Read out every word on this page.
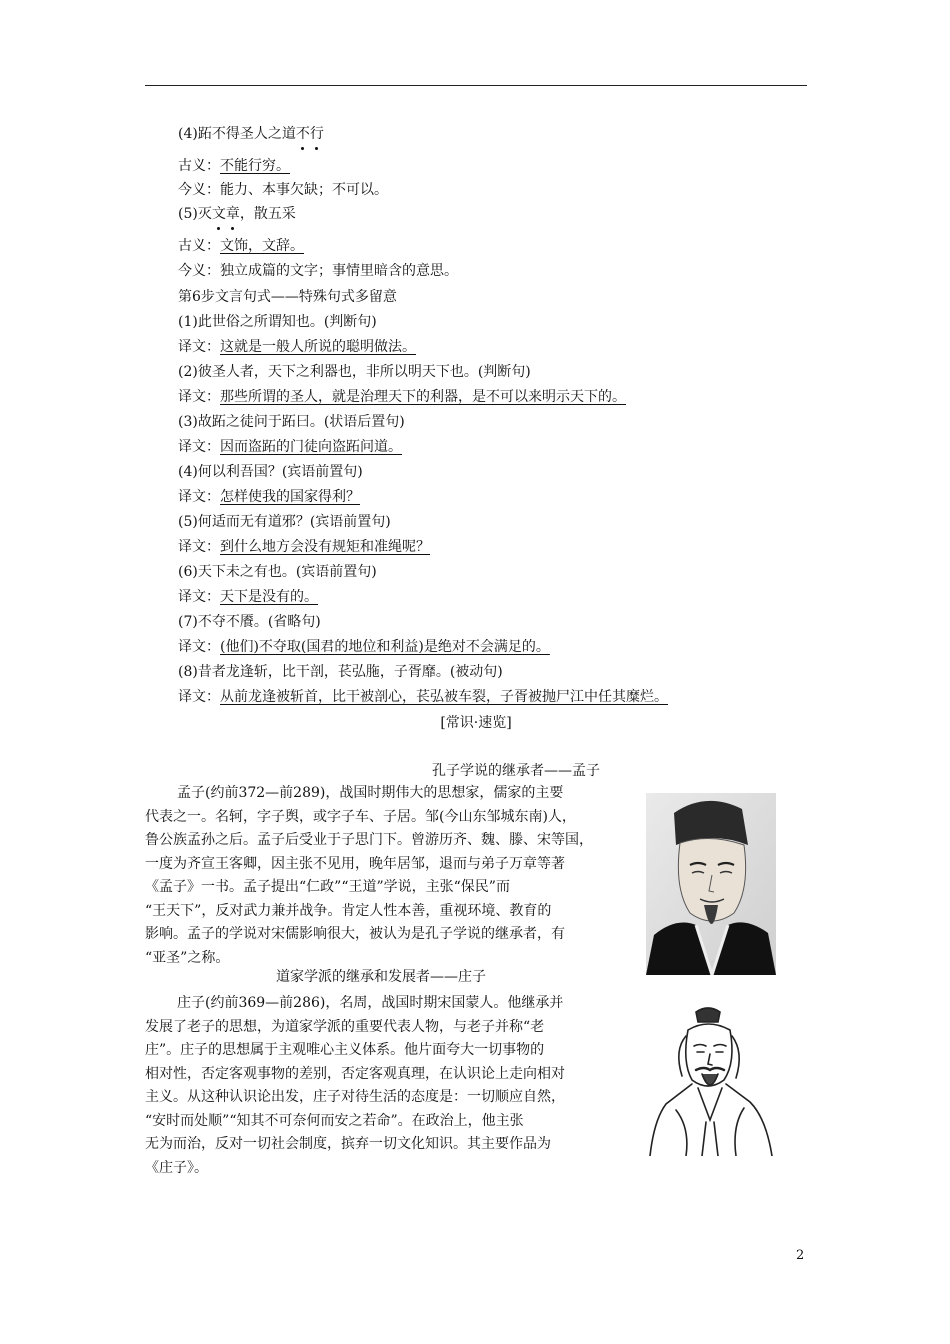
(4)跖不得圣人之道不行
古义：不能行穷。
今义：能力、本事欠缺；不可以。
(5)灭文章，散五采
古义：文饰，文辞。
今义：独立成篇的文字；事情里暗含的意思。
第6步文言句式——特殊句式多留意
(1)此世俗之所谓知也。(判断句)
译文：这就是一般人所说的聪明做法。
(2)彼圣人者，天下之利器也，非所以明天下也。(判断句)
译文：那些所谓的圣人，就是治理天下的利器，是不可以来明示天下的。
(3)故跖之徒问于跖曰。(状语后置句)
译文：因而盗跖的门徒向盗跖问道。
(4)何以利吾国？(宾语前置句)
译文：怎样使我的国家得利？
(5)何适而无有道邪？(宾语前置句)
译文：到什么地方会没有规矩和准绳呢？
(6)天下未之有也。(宾语前置句)
译文：天下是没有的。
(7)不夺不餍。(省略句)
译文：(他们)不夺取(国君的地位和利益)是绝对不会满足的。
(8)昔者龙逢斩，比干剖，苌弘胣，子胥靡。(被动句)
译文：从前龙逢被斩首，比干被剖心，苌弘被车裂，子胥被抛尸江中任其糜烂。
[常识·速览]
孔子学说的继承者——孟子
孟子(约前372—前289)，战国时期伟大的思想家，儒家的主要
代表之一。名轲，字子舆，或字子车、子居。邹(今山东邹城东南)人，
鲁公族孟孙之后。孟子后受业于子思门下。曾游历齐、魏、滕、宋等国，
一度为齐宣王客卿，因主张不见用，晚年居邹，退而与弟子万章等著
《孟子》一书。孟子提出“仁政”“王道”学说，主张“保民”而
“王天下”，反对武力兼并战争。肯定人性本善，重视环境、教育的
影响。孟子的学说对宋儒影响很大，被认为是孔子学说的继承者，有
“亚圣”之称。
道家学派的继承和发展者——庄子
庄子(约前369—前286)，名周，战国时期宋国蒙人。他继承并
发展了老子的思想，为道家学派的重要代表人物，与老子并称“老
庄”。庄子的思想属于主观唯心主义体系。他片面夸大一切事物的
相对性，否定客观事物的差别，否定客观真理，在认识论上走向相对
主义。从这种认识论出发，庄子对待生活的态度是：一切顺应自然，
“安时而处顺”“知其不可奈何而安之若命”。在政治上，他主张
无为而治，反对一切社会制度，摈弃一切文化知识。其主要作品为
《庄子》。
2
